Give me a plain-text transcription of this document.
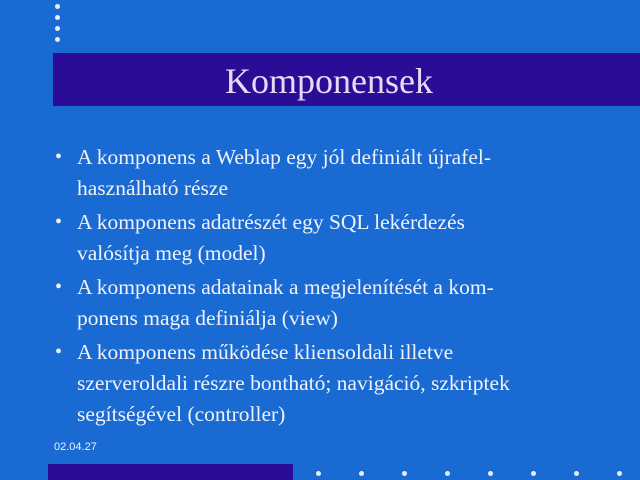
Komponensek
• A komponens a Weblap egy jól definiált újrafel-
használható része
• A komponens adatrészét egy SQL lekérdezés
valósítja meg (model)
• A komponens adatainak a megjelenítését a kom-
ponens maga definiálja (view)
• A komponens működése kliensoldali illetve
szerveroldali részre bontható; navigáció, szkriptek
segítségével (controller)
02.04.27
